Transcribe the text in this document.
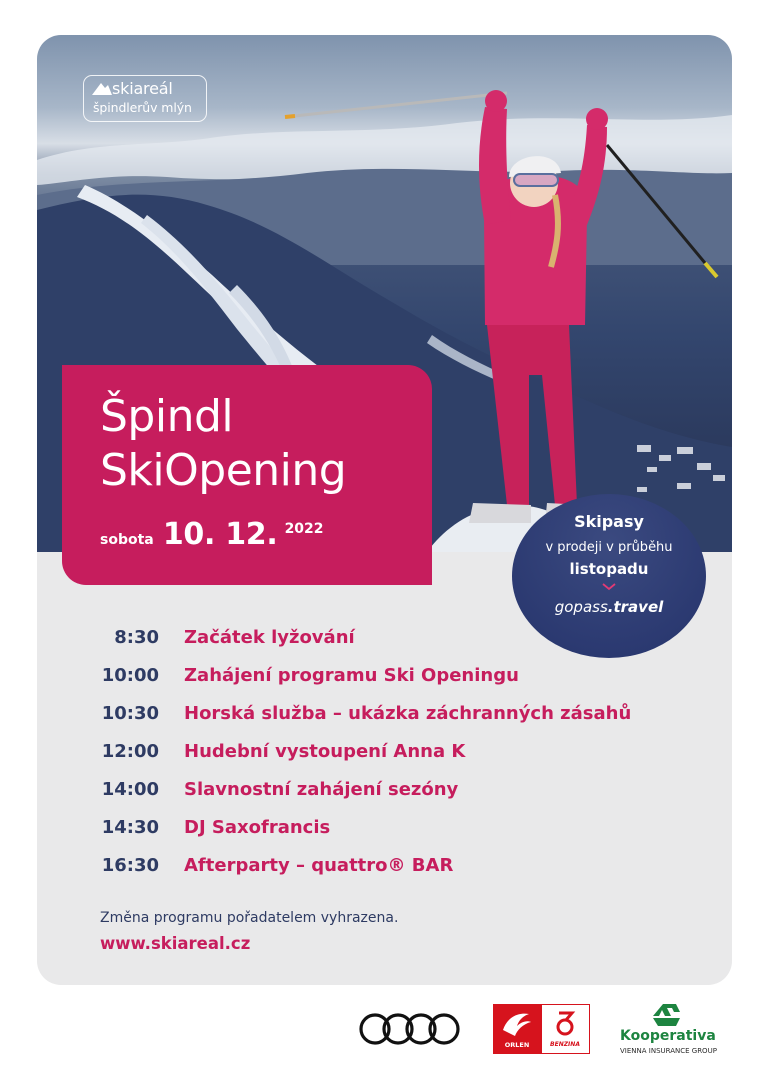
skiareál
špindlerův mlýn
Špindl
SkiOpening
sobota 10. 12. 2022	Skipasy
v prodeji v průběhu
listopadu
gopass.travel
8:30 Začátek lyžování
10:00 Zahájení programu Ski Openingu
10:30 Horská služba – ukázka záchranných zásahů
12:00 Hudební vystoupení Anna K
14:00 Slavnostní zahájení sezóny
14:30 DJ Saxofrancis
16:30 Afterparty – quattro® BAR
Změna programu pořadatelem vyhrazena.
www.skiareal.cz
ORLEN	BENZINA
Kooperativa
VIENNA INSURANCE GROUP
